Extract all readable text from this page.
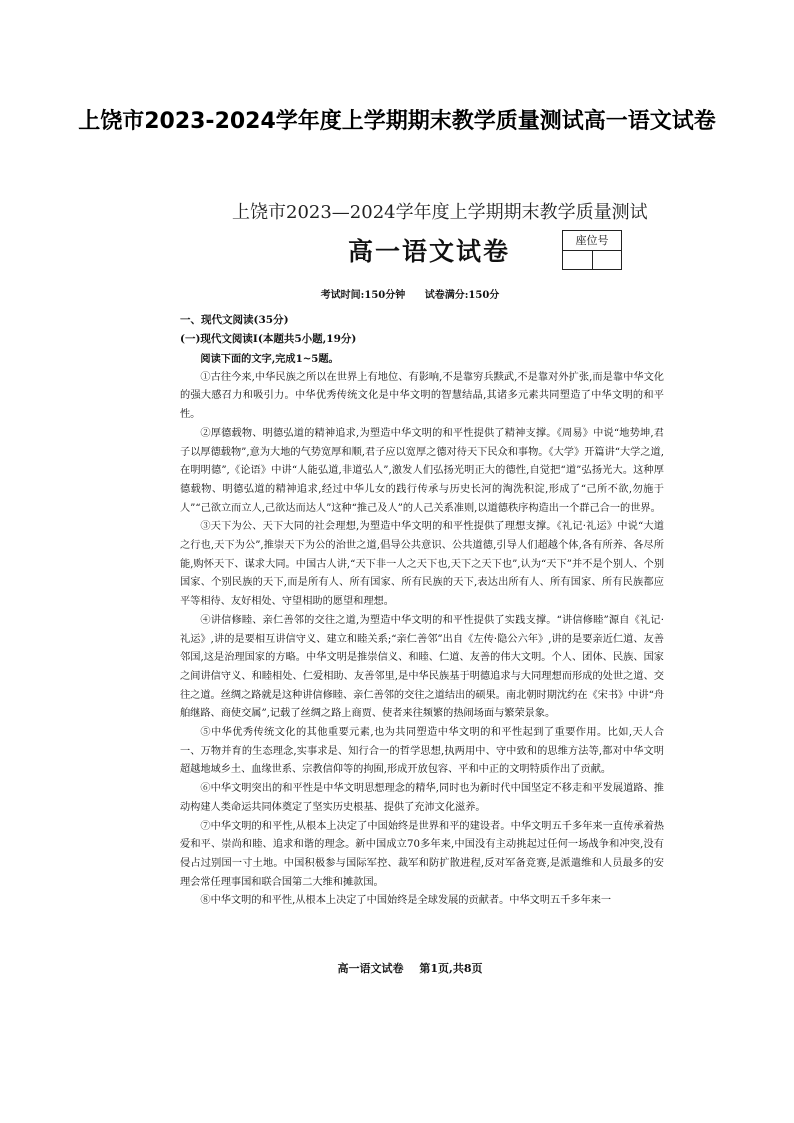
上饶市2023-2024学年度上学期期末教学质量测试高一语文试卷
上饶市2023—2024学年度上学期期末教学质量测试
高一语文试卷	座位号
考试时间:150分钟 试卷满分:150分
一、现代文阅读(35分)
(一)现代文阅读Ⅰ(本题共5小题,19分)

阅读下面的文字,完成1~5题。

①古往今来,中华民族之所以在世界上有地位、有影响,不是靠穷兵黩武,不是靠对外扩张,而是靠中华文化的强大感召力和吸引力。中华优秀传统文化是中华文明的智慧结晶,其诸多元素共同塑造了中华文明的和平性。

②厚德载物、明德弘道的精神追求,为塑造中华文明的和平性提供了精神支撑。《周易》中说“地势坤,君子以厚德载物”,意为大地的气势宽厚和顺,君子应以宽厚之德对待天下民众和事物。《大学》开篇讲“大学之道,在明明德”,《论语》中讲“人能弘道,非道弘人”,激发人们弘扬光明正大的德性,自觉把“道”弘扬光大。这种厚德载物、明德弘道的精神追求,经过中华儿女的践行传承与历史长河的淘洗积淀,形成了“己所不欲,勿施于人”“己欲立而立人,己欲达而达人”这种“推己及人”的人己关系准则,以道德秩序构造出一个群己合一的世界。

③天下为公、天下大同的社会理想,为塑造中华文明的和平性提供了理想支撑。《礼记·礼运》中说“大道之行也,天下为公”,推崇天下为公的治世之道,倡导公共意识、公共道德,引导人们超越个体,各有所养、各尽所能,购怀天下、谋求大同。中国古人讲,“天下非一人之天下也,天下之天下也”,认为“天下”并不是个别人、个别国家、个别民族的天下,而是所有人、所有国家、所有民族的天下,表达出所有人、所有国家、所有民族都应平等相待、友好相处、守望相助的愿望和理想。

④讲信修睦、亲仁善邻的交往之道,为塑造中华文明的和平性提供了实践支撑。“讲信修睦”源自《礼记·礼运》,讲的是要相互讲信守义、建立和睦关系;“亲仁善邻”出自《左传·隐公六年》,讲的是要亲近仁道、友善邻国,这是治理国家的方略。中华文明是推崇信义、和睦、仁道、友善的伟大文明。个人、团体、民族、国家之间讲信守义、和睦相处、仁爱相助、友善邻里,是中华民族基于明德追求与大同理想而形成的处世之道、交往之道。丝绸之路就是这种讲信修睦、亲仁善邻的交往之道结出的硕果。南北朝时期沈约在《宋书》中讲“舟舶继路、商使交属”,记载了丝绸之路上商贾、使者来往频繁的热闹场面与繁荣景象。

⑤中华优秀传统文化的其他重要元素,也为共同塑造中华文明的和平性起到了重要作用。比如,天人合一、万物并育的生态理念,实事求是、知行合一的哲学思想,执两用中、守中致和的思维方法等,都对中华文明超越地域乡土、血缘世系、宗教信仰等的拘囿,形成开放包容、平和中正的文明特质作出了贡献。

⑥中华文明突出的和平性是中华文明思想理念的精华,同时也为新时代中国坚定不移走和平发展道路、推动构建人类命运共同体奠定了坚实历史根基、提供了充沛文化滋养。

⑦中华文明的和平性,从根本上决定了中国始终是世界和平的建设者。中华文明五千多年来一直传承着热爱和平、崇尚和睦、追求和谐的理念。新中国成立70多年来,中国没有主动挑起过任何一场战争和冲突,没有侵占过别国一寸土地。中国积极参与国际军控、裁军和防扩散进程,反对军备竞赛,是派遣维和人员最多的安理会常任理事国和联合国第二大维和摊款国。

⑧中华文明的和平性,从根本上决定了中国始终是全球发展的贡献者。中华文明五千多年来一

高一语文试卷 第1页,共8页
